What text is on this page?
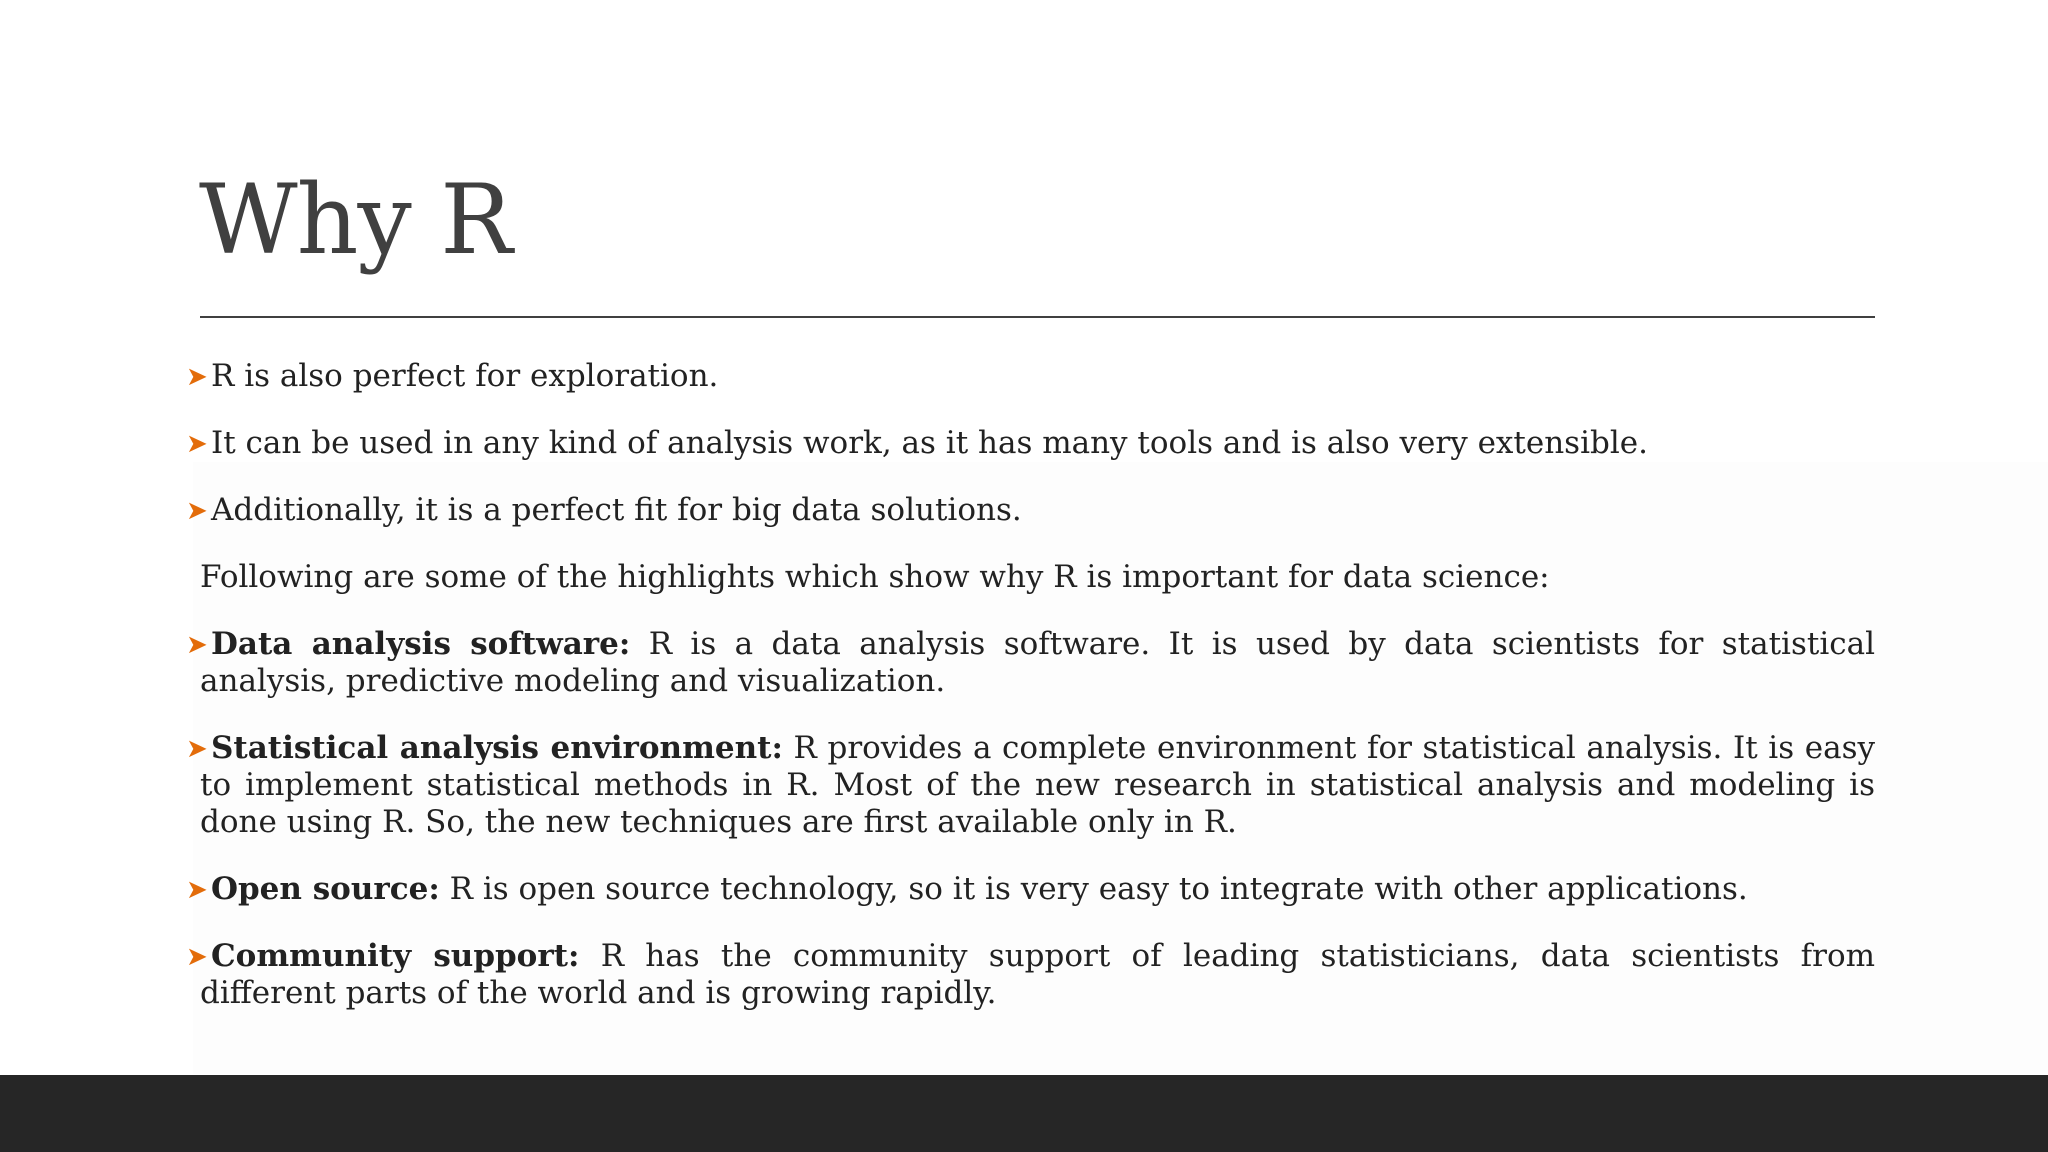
Why R

➤ R is also perfect for exploration.

➤ It can be used in any kind of analysis work, as it has many tools and is also very extensible.

➤ Additionally, it is a perfect fit for big data solutions.

Following are some of the highlights which show why R is important for data science:

➤ Data analysis software: R is a data analysis software. It is used by data scientists for statistical analysis, predictive modeling and visualization.

➤ Statistical analysis environment: R provides a complete environment for statistical analysis. It is easy to implement statistical methods in R. Most of the new research in statistical analysis and modeling is done using R. So, the new techniques are first available only in R.

➤ Open source: R is open source technology, so it is very easy to integrate with other applications.

➤ Community support: R has the community support of leading statisticians, data scientists from different parts of the world and is growing rapidly.
